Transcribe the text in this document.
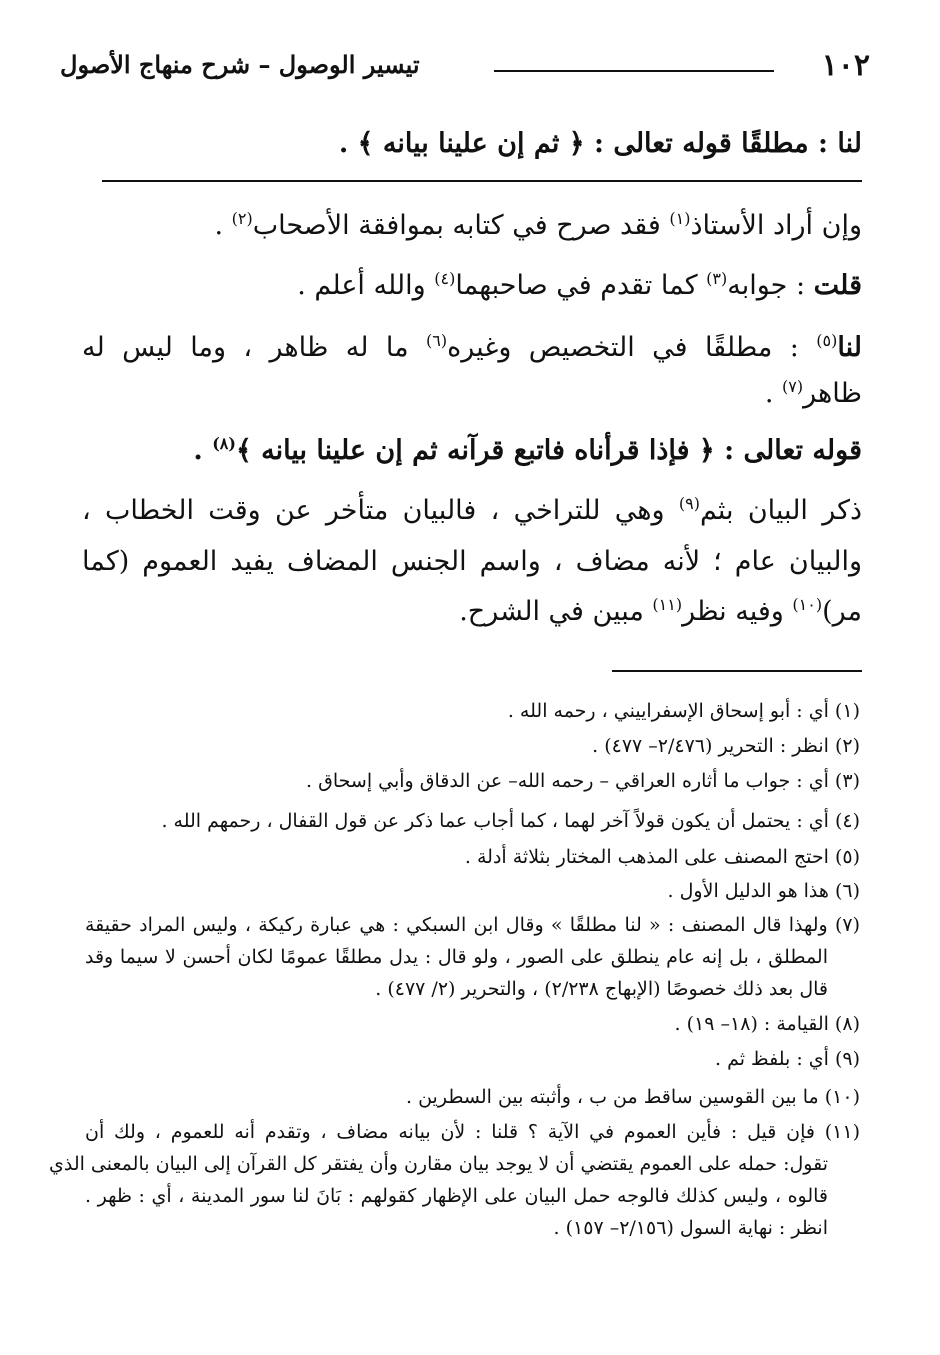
١٠٢
تيسير الوصول – شرح منهاج الأصول
لنا : مطلقًا قوله تعالى : ﴿ ثم إن علينا بيانه ﴾ .
وإن أراد الأستاذ$^{(١)}$ فقد صرح في كتابه بموافقة الأصحاب$^{(٢)}$ .
قلت : جوابه$^{(٣)}$ كما تقدم في صاحبهما$^{(٤)}$ والله أعلم .
لنا$^{(٥)}$ : مطلقًا في التخصيص وغيره$^{(٦)}$ ما له ظاهر ، وما ليس له
ظاهر$^{(٧)}$ .
قوله تعالى : ﴿ فإذا قرأناه فاتبع قرآنه ثم إن علينا بيانه ﴾$^{(٨)}$ .
ذكر البيان بثم$^{(٩)}$ وهي للتراخي ، فالبيان متأخر عن وقت الخطاب ،
والبيان عام ؛ لأنه مضاف ، واسم الجنس المضاف يفيد العموم (كما
مر)$^{(١٠)}$ وفيه نظر$^{(١١)}$ مبين في الشرح.
(١) أي : أبو إسحاق الإسفراييني ، رحمه الله .
(٢) انظر : التحرير (٢/٤٧٦– ٤٧٧) .
(٣) أي : جواب ما أثاره العراقي – رحمه الله– عن الدقاق وأبي إسحاق .
(٤) أي : يحتمل أن يكون قولاً آخر لهما ، كما أجاب عما ذكر عن قول القفال ، رحمهم الله .
(٥) احتج المصنف على المذهب المختار بثلاثة أدلة .
(٦) هذا هو الدليل الأول .
(٧) ولهذا قال المصنف : « لنا مطلقًا » وقال ابن السبكي : هي عبارة ركيكة ، وليس المراد حقيقة
المطلق ، بل إنه عام ينطلق على الصور ، ولو قال : يدل مطلقًا عمومًا لكان أحسن لا سيما وقد
قال بعد ذلك خصوصًا (الإبهاج ٢/٢٣٨) ، والتحرير (٢/ ٤٧٧) .
(٨) القيامة : (١٨– ١٩) .
(٩) أي : بلفظ ثم .
(١٠) ما بين القوسين ساقط من ب ، وأثبته بين السطرين .
(١١) فإن قيل : فأين العموم في الآية ؟ قلنا : لأن بيانه مضاف ، وتقدم أنه للعموم ، ولك أن
تقول: حمله على العموم يقتضي أن لا يوجد بيان مقارن وأن يفتقر كل القرآن إلى البيان بالمعنى الذي
قالوه ، وليس كذلك فالوجه حمل البيان على الإظهار كقولهم : بَانَ لنا سور المدينة ، أي : ظهر .
انظر : نهاية السول (٢/١٥٦– ١٥٧) .
